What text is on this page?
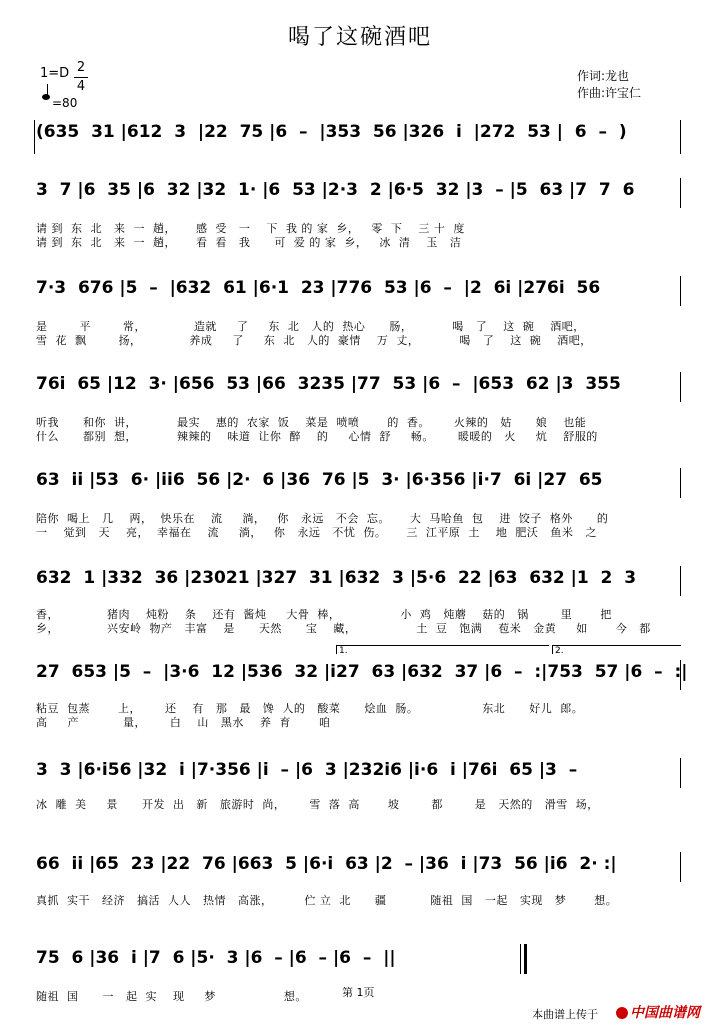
喝了这碗酒吧
1=D 2
4
=80
作词:龙也
作曲:许宝仁
(635  31 |612  3  |22  75 |6  –  |353  56 |326  i  |272  53 |  6  –  )
3  7 |6  35 |6  32 |32  1· |6  53 |2·3  2 |6·5  32 |3  – |5  63 |7  7  6
请 到  东  北   来  一  趟，     感  受   一    下  我 的 家  乡，   零  下    三 十  度
请 到  东  北   来  一  趟，     看  看   我      可  爱 的 家  乡，   冰  清    玉   洁
7·3  676 |5  –  |632  61 |6·1  23 |776  53 |6  –  |2  6i |276i  56
是        平        常，            造就     了     东  北   人的  热心      肠，          喝   了    这  碗    酒吧，
雪  花  飘        扬，            养成     了     东  北   人的  豪情    万  丈，          喝   了    这  碗    酒吧，
76i  65 |12  3· |656  53 |66  3235 |77  53 |6  –  |653  62 |3  355
听我      和你  讲，          最实    惠的  农家  饭    菜是  喷喷       的  香。      火辣的   姑      娘    也能
什么      都别  想，          辣辣的    味道  让你  醉    的     心情  舒     畅。      暖暖的   火     炕    舒服的
63  ii |53  6· |ii6  56 |2·  6 |36  76 |5  3· |6·356 |i·7  6i |27  65
陪你  喝上   几    两，  快乐在    流     淌，   你   永远   不会  忘。     大  马哈鱼  包    进  饺子  格外      的
一    觉到   天    亮，  幸福在    流     淌，   你   永远   不忧  伤。     三  江平原  土    地  肥沃   鱼米   之
632  1 |332  36 |23021 |327  31 |632  3 |5·6  22 |63  632 |1  2  3
香，            猪肉    炖粉    条    还有  酱炖     大骨  棒，               小  鸡   炖蘑    菇的   锅        里       把
乡，            兴安岭  物产   丰富    是      天然      宝    藏，               土  豆   饱满    苞米   金黄     如       今   都
1.	2.
27  653 |5  –  |3·6  12 |536  32 |i27  63 |632  37 |6  –  :|753  57 |6  –  :|
粘豆  包蒸       上，      还    有   那   最   馋  人的   酸菜      烩血  肠。                东北      好儿  郎。
高     产           量，      白    山   黑水    养  育       咱
3  3 |6·i56 |32  i |7·356 |i  – |6  3 |232i6 |i·6  i |76i  65 |3  –
冰  雕  美     景      开发  出   新   旅游时  尚，      雪  落  高       坡        都        是   天然的   滑雪  场，
66  ii |65  23 |22  76 |663  5 |6·i  63 |2  – |36  i |73  56 |i6  2· :|
真抓  实干   经济   搞活  人人   热情   高涨，        伫 立  北      疆           随祖  国   一起   实现   梦       想。
75  6 |36  i |7  6 |5·  3 |6  – |6  – |6  –  ||
随祖  国      一   起  实    现     梦                 想。	第 1页
本曲谱上传于	中国曲谱网
